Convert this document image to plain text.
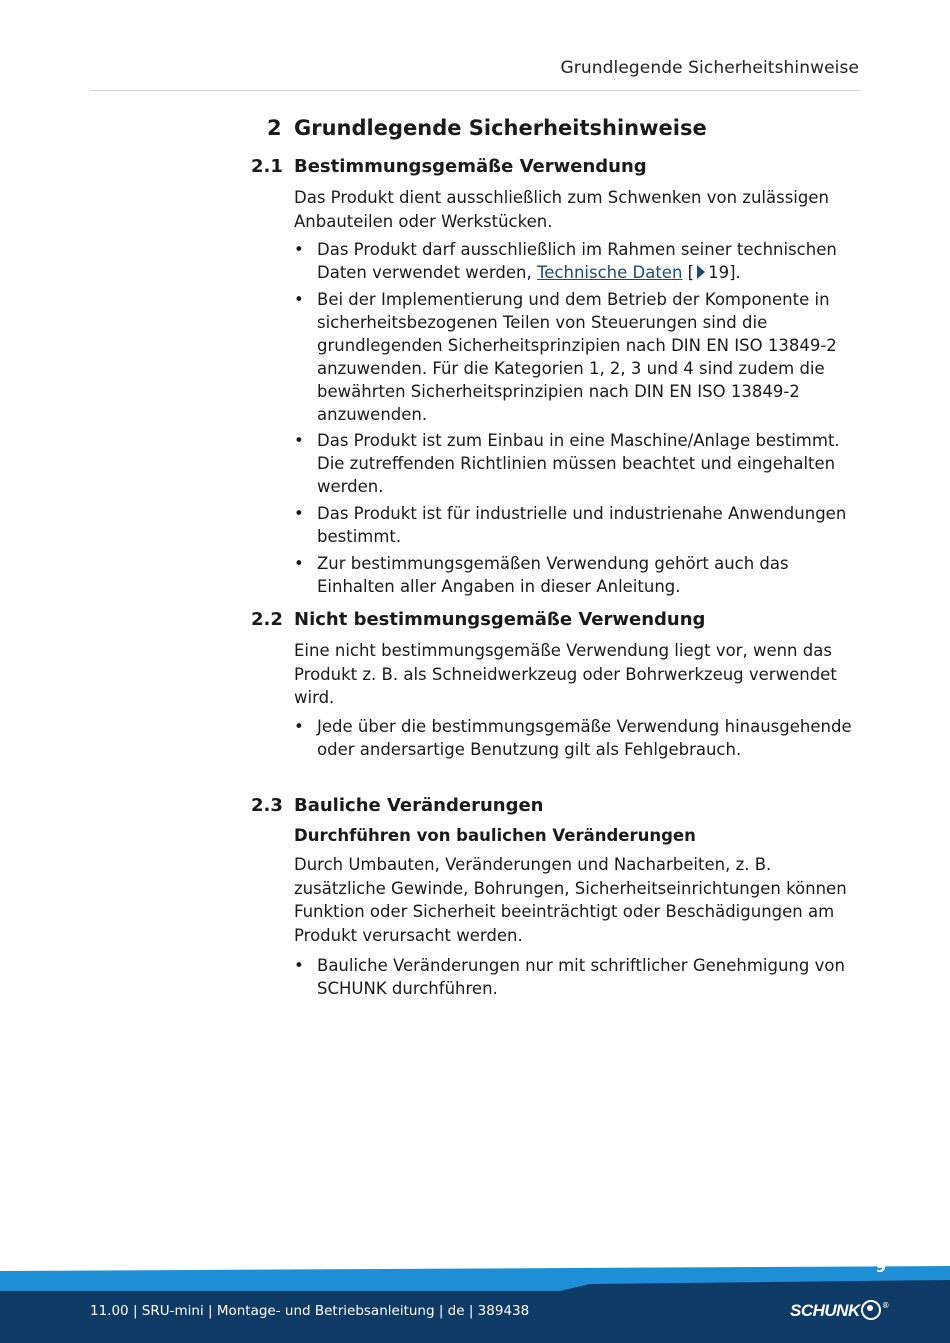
Grundlegende Sicherheitshinweise
2 Grundlegende Sicherheitshinweise
2.1 Bestimmungsgemäße Verwendung

Das Produkt dient ausschließlich zum Schwenken von zulässigen Anbauteilen oder Werkstücken.

• Das Produkt darf ausschließlich im Rahmen seiner technischen Daten verwendet werden, Technische Daten [ 19].
• Bei der Implementierung und dem Betrieb der Komponente in sicherheitsbezogenen Teilen von Steuerungen sind die grundlegenden Sicherheitsprinzipien nach DIN EN ISO 13849-2 anzuwenden. Für die Kategorien 1, 2, 3 und 4 sind zudem die bewährten Sicherheitsprinzipien nach DIN EN ISO 13849-2 anzuwenden.
• Das Produkt ist zum Einbau in eine Maschine/Anlage bestimmt. Die zutreffenden Richtlinien müssen beachtet und eingehalten werden.
• Das Produkt ist für industrielle und industrienahe Anwendungen bestimmt.
• Zur bestimmungsgemäßen Verwendung gehört auch das Einhalten aller Angaben in dieser Anleitung.
2.2 Nicht bestimmungsgemäße Verwendung

Eine nicht bestimmungsgemäße Verwendung liegt vor, wenn das Produkt z. B. als Schneidwerkzeug oder Bohrwerkzeug verwendet wird.

• Jede über die bestimmungsgemäße Verwendung hinausgehende oder andersartige Benutzung gilt als Fehlgebrauch.
2.3 Bauliche Veränderungen
Durchführen von baulichen Veränderungen

Durch Umbauten, Veränderungen und Nacharbeiten, z. B. zusätzliche Gewinde, Bohrungen, Sicherheitseinrichtungen können Funktion oder Sicherheit beeinträchtigt oder Beschädigungen am Produkt verursacht werden.

• Bauliche Veränderungen nur mit schriftlicher Genehmigung von SCHUNK durchführen.
9
11.00 | SRU-mini | Montage- und Betriebsanleitung | de | 389438	SCHUNK	®
